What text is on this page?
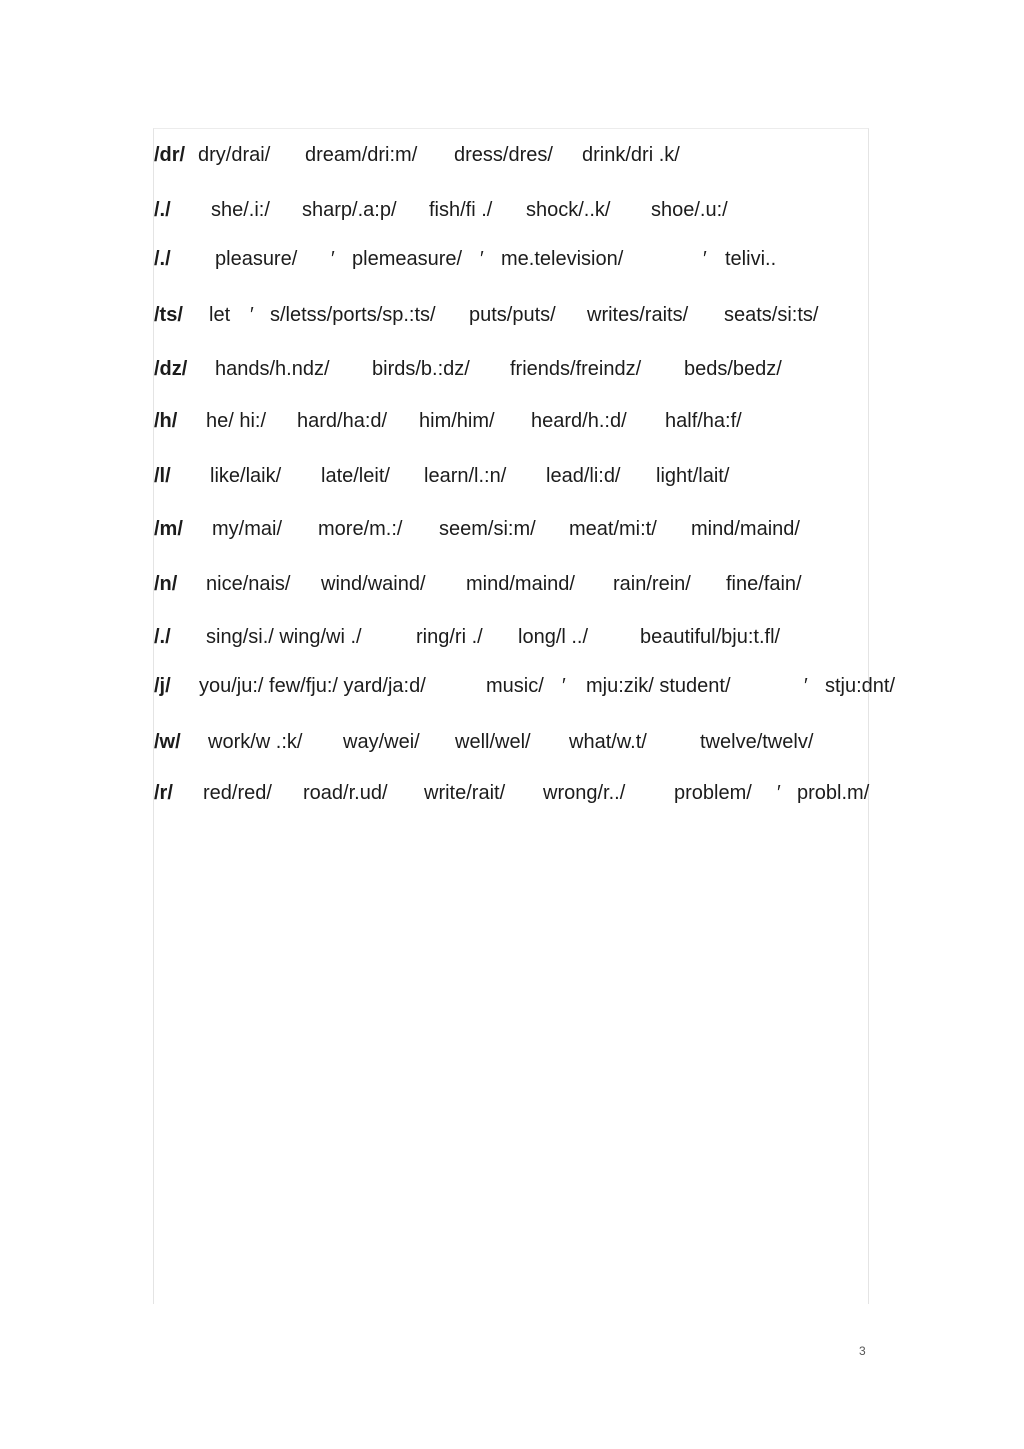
/dr/ dry/drai/ dream/dri:m/ dress/dres/ drink/dri .k/
/./ she/.i:/ sharp/.a:p/ fish/fi ./ shock/..k/ shoe/.u:/
/./ pleasure/ ′ plemeasure/ ′ me.television/	′ telivi..
/ts/ let ′ s/letss/ports/sp.:ts/ puts/puts/ writes/raits/ seats/si:ts/
/dz/ hands/h.ndz/ birds/b.:dz/ friends/freindz/ beds/bedz/
/h/ he/ hi:/ hard/ha:d/ him/him/ heard/h.:d/ half/ha:f/
/l/ like/laik/ late/leit/ learn/l.:n/ lead/li:d/ light/lait/
/m/ my/mai/ more/m.:/ seem/si:m/ meat/mi:t/ mind/maind/
/n/ nice/nais/ wind/waind/ mind/maind/ rain/rein/ fine/fain/
/./ sing/si./ wing/wi ./	ring/ri ./ long/l ../	beautiful/bju:t.fl/
/j/ you/ju:/ few/fju:/ yard/ja:d/	music/ ′ mju:zik/ student/	′ stju:dnt/
/w/ work/w .:k/ way/wei/ well/wel/ what/w.t/	twelve/twelv/
/r/ red/red/ road/r.ud/ write/rait/ wrong/r../ problem/ ′ probl.m/
3
